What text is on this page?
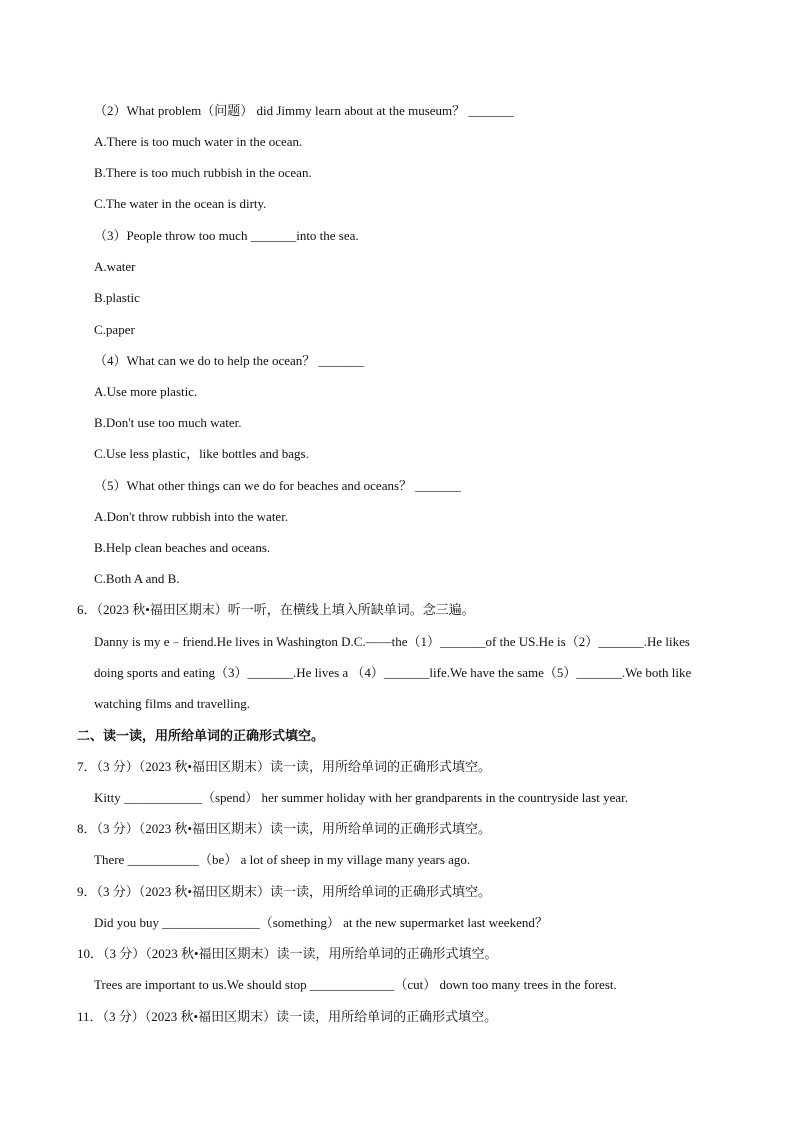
（2）What problem（问题） did Jimmy learn about at the museum？ _______
A.There is too much water in the ocean.
B.There is too much rubbish in the ocean.
C.The water in the ocean is dirty.
（3）People throw too much _______into the sea.
A.water
B.plastic
C.paper
（4）What can we do to help the ocean？ _______
A.Use more plastic.
B.Don't use too much water.
C.Use less plastic，like bottles and bags.
（5）What other things can we do for beaches and oceans？ _______
A.Don't throw rubbish into the water.
B.Help clean beaches and oceans.
C.Both A and B.
6．（2023 秋•福田区期末）听一听，在横线上填入所缺单词。念三遍。
Danny is my e﹣friend.He lives in Washington D.C.——the（1）_______of the US.He is（2）_______.He likes
doing sports and eating（3）_______.He lives a （4）_______life.We have the same（5）_______.We both like
watching films and travelling.
二、读一读，用所给单词的正确形式填空。
7．（3 分）（2023 秋•福田区期末）读一读，用所给单词的正确形式填空。
Kitty ____________（spend） her summer holiday with her grandparents in the countryside last year.
8．（3 分）（2023 秋•福田区期末）读一读，用所给单词的正确形式填空。
There ___________（be） a lot of sheep in my village many years ago.
9．（3 分）（2023 秋•福田区期末）读一读，用所给单词的正确形式填空。
Did you buy _______________（something） at the new supermarket last weekend？
10．（3 分）（2023 秋•福田区期末）读一读，用所给单词的正确形式填空。
Trees are important to us.We should stop _____________（cut） down too many trees in the forest.
11．（3 分）（2023 秋•福田区期末）读一读，用所给单词的正确形式填空。
